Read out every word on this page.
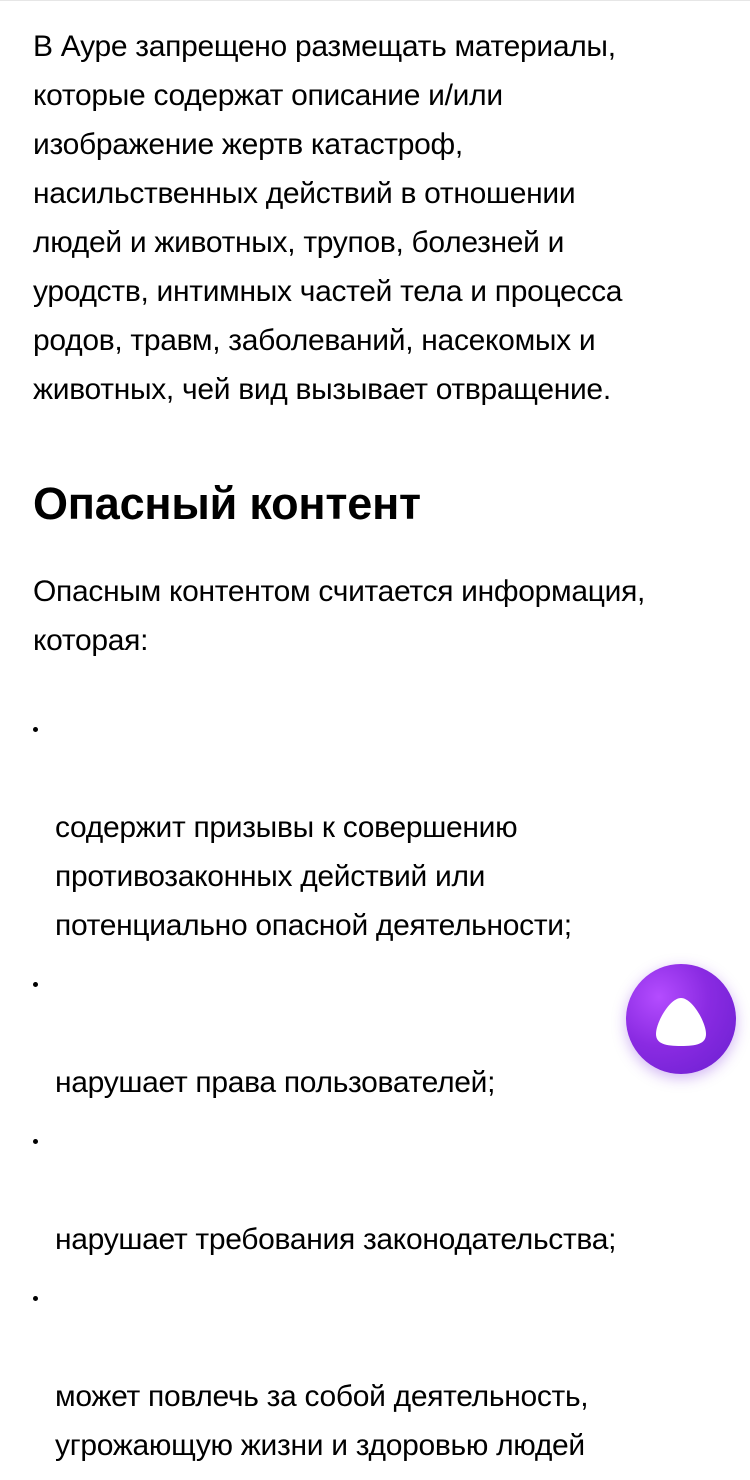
В Ауре запрещено размещать материалы,
которые содержат описание и/или
изображение жертв катастроф,
насильственных действий в отношении
людей и животных, трупов, болезней и
уродств, интимных частей тела и процесса
родов, травм, заболеваний, насекомых и
животных, чей вид вызывает отвращение.

Опасный контент

Опасным контентом считается информация,
которая:

содержит призывы к совершению
противозаконных действий или
потенциально опасной деятельности;

нарушает права пользователей;

нарушает требования законодательства;

может повлечь за собой деятельность,
угрожающую жизни и здоровью людей
